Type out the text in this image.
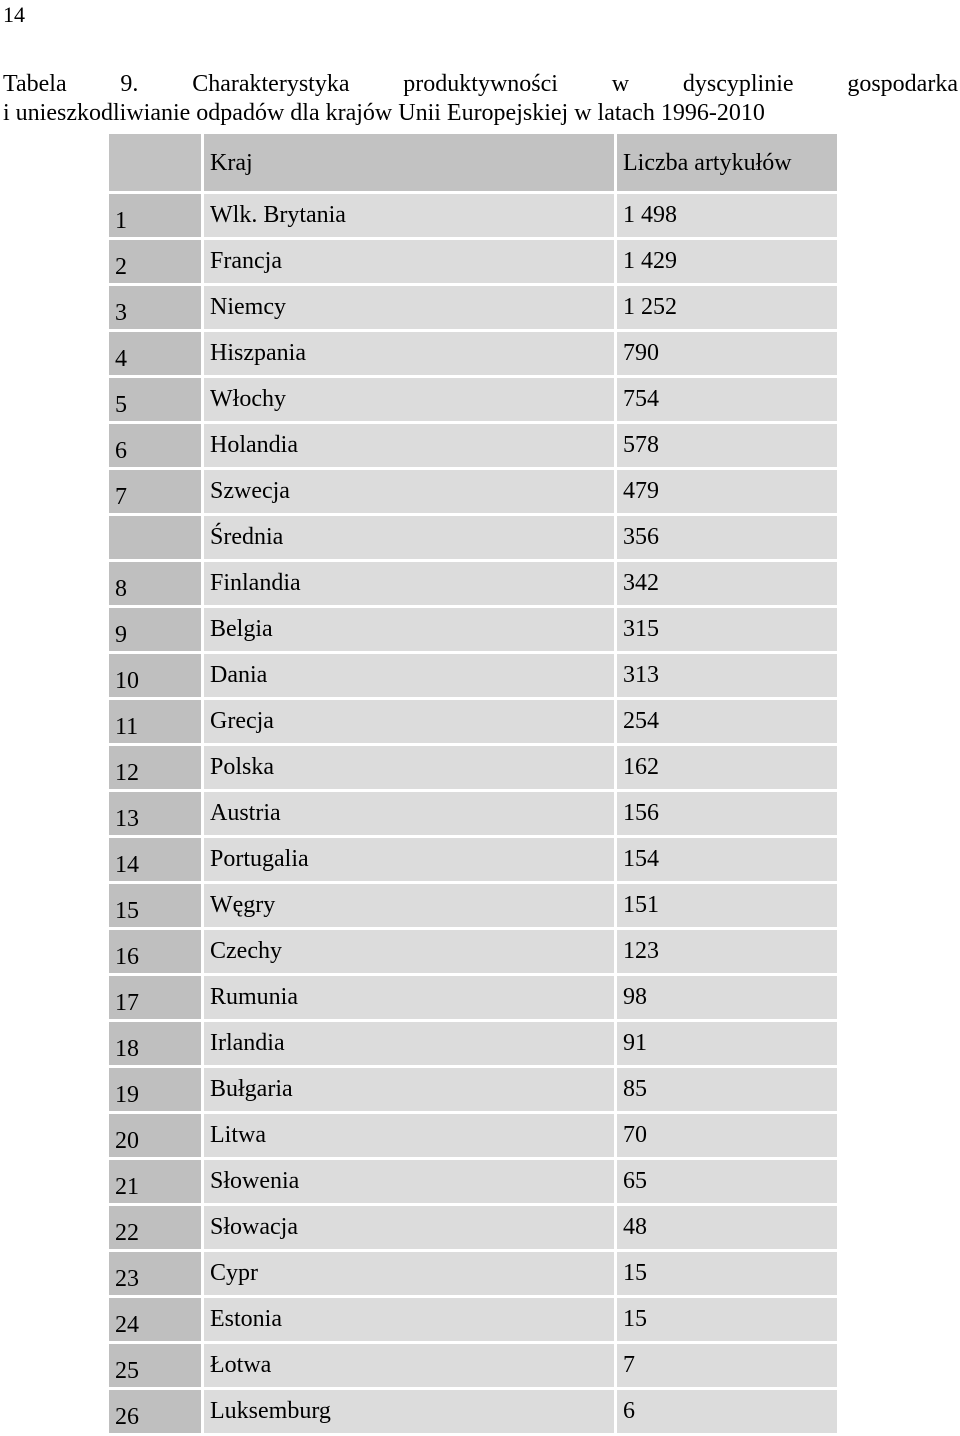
14
Tabela 9. Charakterystyka produktywności w dyscyplinie gospodarka
i unieszkodliwianie odpadów dla krajów Unii Europejskiej w latach 1996-2010
	Kraj	Liczba artykułów
1	Wlk. Brytania	1 498
2	Francja	1 429
3	Niemcy	1 252
4	Hiszpania	790
5	Włochy	754
6	Holandia	578
7	Szwecja	479
	Średnia	356
8	Finlandia	342
9	Belgia	315
10	Dania	313
11	Grecja	254
12	Polska	162
13	Austria	156
14	Portugalia	154
15	Węgry	151
16	Czechy	123
17	Rumunia	98
18	Irlandia	91
19	Bułgaria	85
20	Litwa	70
21	Słowenia	65
22	Słowacja	48
23	Cypr	15
24	Estonia	15
25	Łotwa	7
26	Luksemburg	6
